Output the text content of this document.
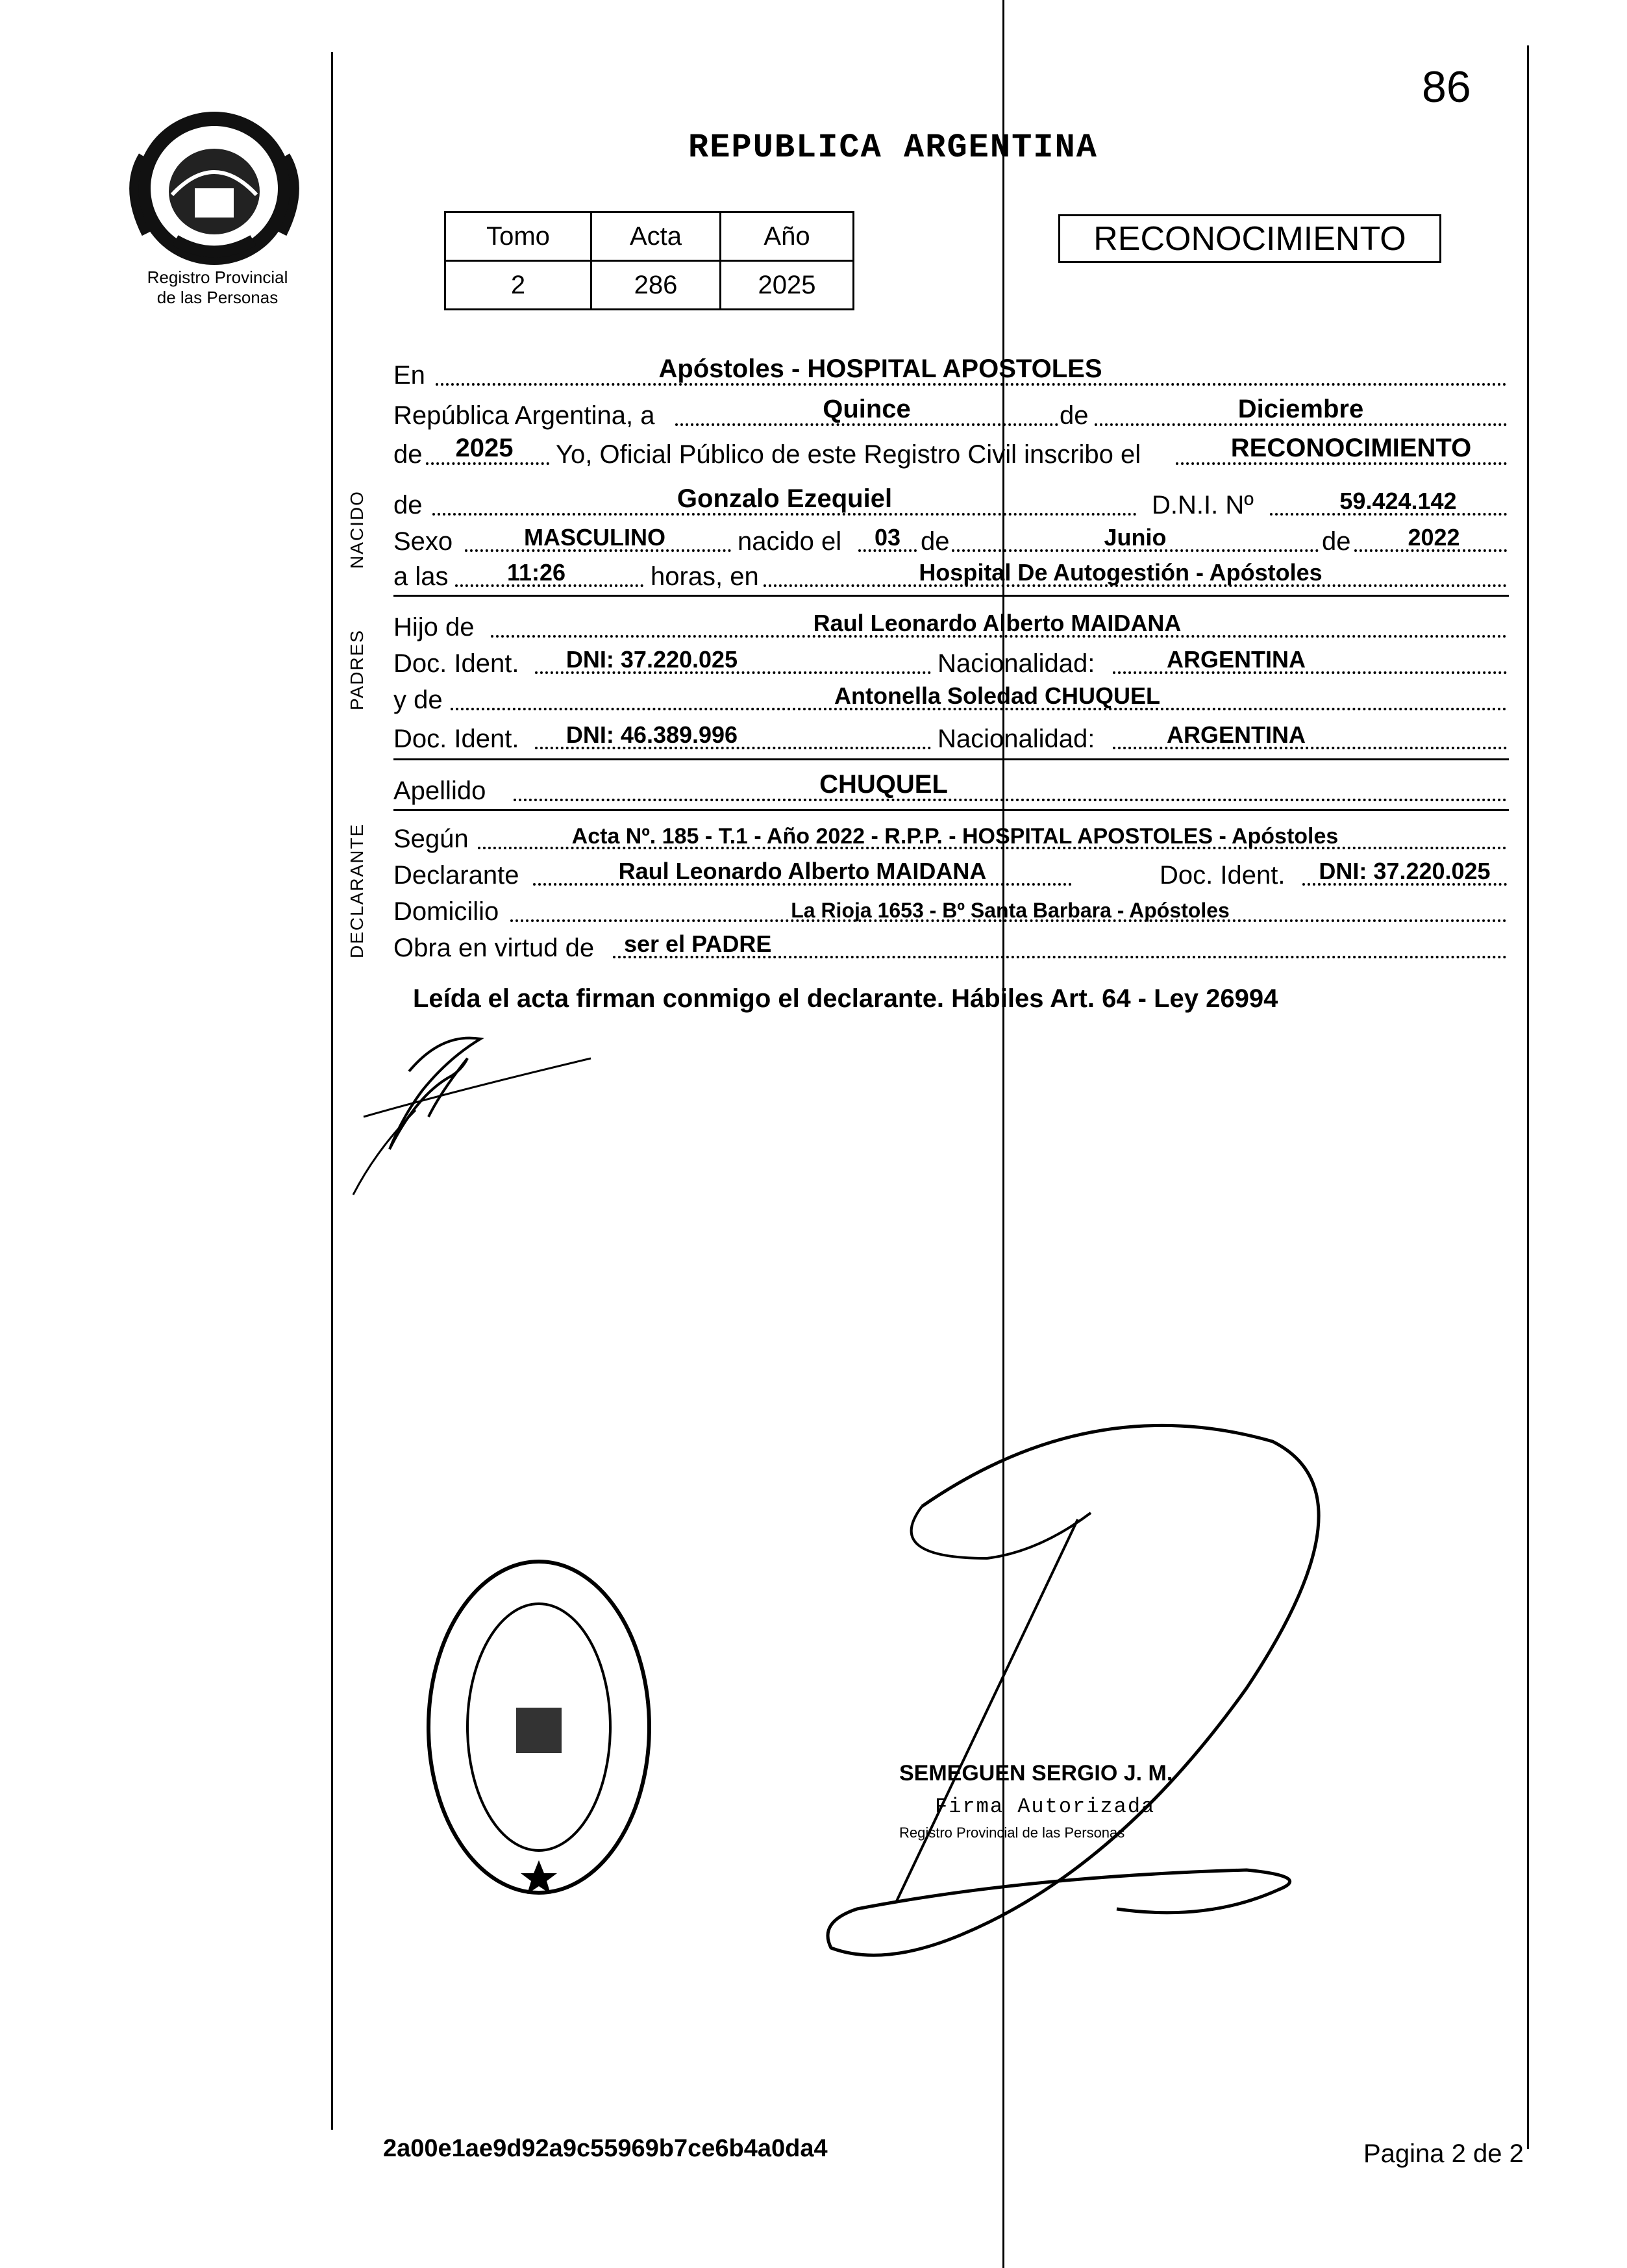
86
Registro Provincial
de las Personas
REPUBLICA ARGENTINA
Tomo	Acta	Año
2	286	2025
RECONOCIMIENTO
NACIDO
PADRES
DECLARANTE
En	Apóstoles - HOSPITAL APOSTOLES
República Argentina, a	Quince	de	Diciembre
de	2025	Yo, Oficial Público de este Registro Civil inscribo el	RECONOCIMIENTO
de	Gonzalo Ezequiel	D.N.I. Nº	59.424.142
Sexo	MASCULINO	nacido el	03 de	Junio	de	2022
a las	11:26	horas, en	Hospital De Autogestión - Apóstoles
Hijo de	Raul Leonardo Alberto MAIDANA
Doc. Ident.	DNI: 37.220.025	Nacionalidad:	ARGENTINA
y de	Antonella Soledad CHUQUEL
Doc. Ident.	DNI: 46.389.996	Nacionalidad:	ARGENTINA
Apellido	CHUQUEL
Según	Acta Nº. 185 - T.1 - Año 2022 - R.P.P. - HOSPITAL APOSTOLES - Apóstoles
Declarante	Raul Leonardo Alberto MAIDANA	Doc. Ident.	DNI: 37.220.025
Domicilio	La Rioja 1653 - Bº Santa Barbara - Apóstoles
Obra en virtud de ser el PADRE
Leída el acta firman conmigo el declarante. Hábiles Art. 64 - Ley 26994
SEMEGUEN SERGIO J. M.
Firma Autorizada
Registro Provincial de las Personas
2a00e1ae9d92a9c55969b7ce6b4a0da4	Pagina 2 de 2
